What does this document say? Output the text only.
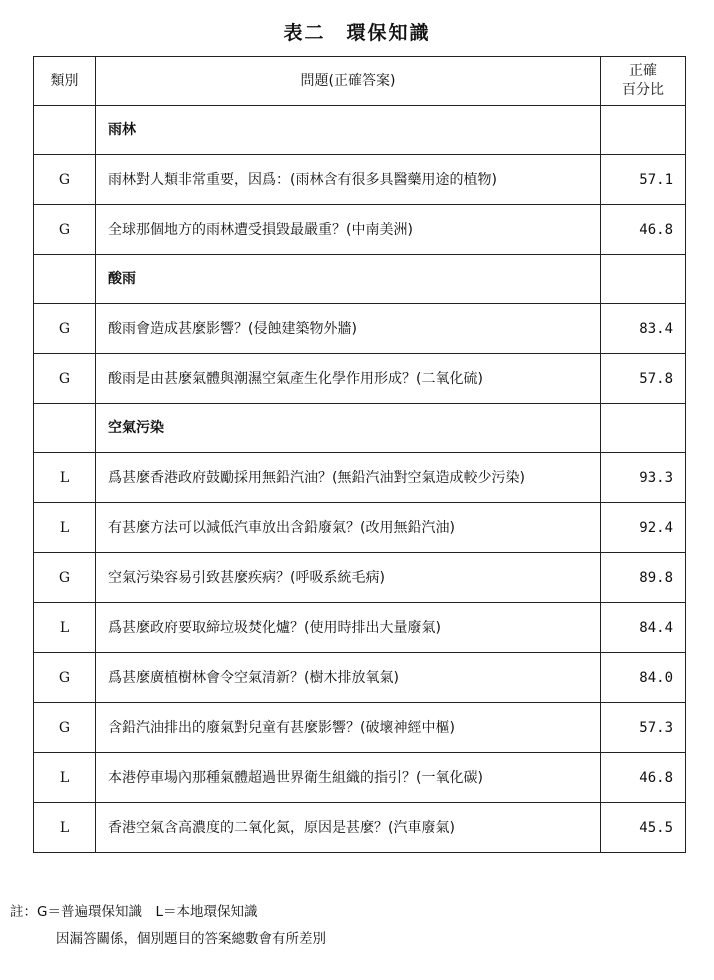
表二　環保知識
類別	問題(正確答案)	正確
百分比
	雨林	
G	雨林對人類非常重要，因爲：(雨林含有很多具醫藥用途的植物)	57.1
G	全球那個地方的雨林遭受損毀最嚴重？(中南美洲)	46.8
	酸雨	
G	酸雨會造成甚麼影響？(侵蝕建築物外牆)	83.4
G	酸雨是由甚麼氣體與潮濕空氣產生化學作用形成？(二氧化硫)	57.8
	空氣污染	
L	爲甚麼香港政府鼓勵採用無鉛汽油？(無鉛汽油對空氣造成較少污染)	93.3
L	有甚麼方法可以減低汽車放出含鉛廢氣？(改用無鉛汽油)	92.4
G	空氣污染容易引致甚麼疾病？(呼吸系統毛病)	89.8
L	爲甚麼政府要取締垃圾焚化爐？(使用時排出大量廢氣)	84.4
G	爲甚麼廣植樹林會令空氣清新？(樹木排放氧氣)	84.0
G	含鉛汽油排出的廢氣對兒童有甚麼影響？(破壞神經中樞)	57.3
L	本港停車場內那種氣體超過世界衛生組織的指引？(一氧化碳)	46.8
L	香港空氣含高濃度的二氧化氮，原因是甚麼？(汽車廢氣)	45.5
註：G＝普遍環保知識　L＝本地環保知識
因漏答關係，個別題目的答案總數會有所差別
